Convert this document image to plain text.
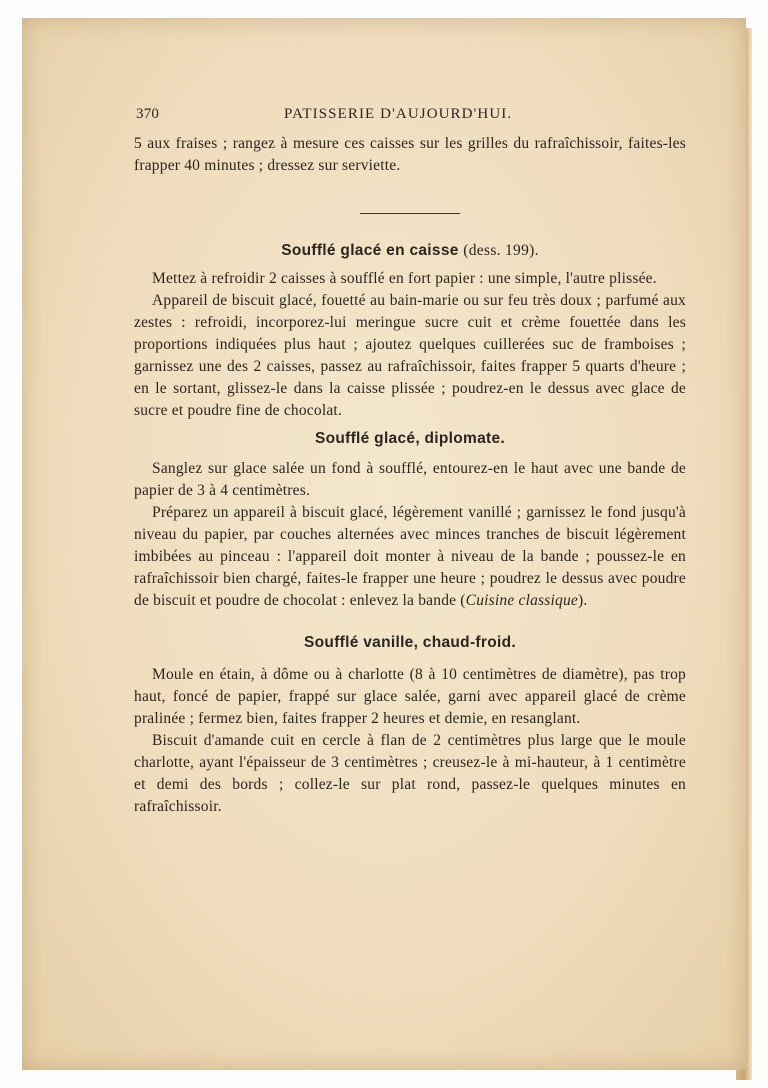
370	PATISSERIE D'AUJOURD'HUI.

5 aux fraises ; rangez à mesure ces caisses sur les grilles du rafraîchissoir, faites-les frapper 40 minutes ; dressez sur serviette.

Soufflé glacé en caisse (dess. 199).

Mettez à refroidir 2 caisses à soufflé en fort papier : une simple, l'autre plissée.

Appareil de biscuit glacé, fouetté au bain-marie ou sur feu très doux ; parfumé aux zestes : refroidi, incorporez-lui meringue sucre cuit et crème fouettée dans les proportions indiquées plus haut ; ajoutez quelques cuillerées suc de framboises ; garnissez une des 2 caisses, passez au rafraîchissoir, faites frapper 5 quarts d'heure ; en le sortant, glissez-le dans la caisse plissée ; poudrez-en le dessus avec glace de sucre et poudre fine de chocolat.

Soufflé glacé, diplomate.

Sanglez sur glace salée un fond à soufflé, entourez-en le haut avec une bande de papier de 3 à 4 centimètres.

Préparez un appareil à biscuit glacé, légèrement vanillé ; garnissez le fond jusqu'à niveau du papier, par couches alternées avec minces tranches de biscuit légèrement imbibées au pinceau : l'appareil doit monter à niveau de la bande ; poussez-le en rafraîchissoir bien chargé, faites-le frapper une heure ; poudrez le dessus avec poudre de biscuit et poudre de chocolat : enlevez la bande (Cuisine classique).

Soufflé vanille, chaud-froid.

Moule en étain, à dôme ou à charlotte (8 à 10 centimètres de diamètre), pas trop haut, foncé de papier, frappé sur glace salée, garni avec appareil glacé de crème pralinée ; fermez bien, faites frapper 2 heures et demie, en resanglant.

Biscuit d'amande cuit en cercle à flan de 2 centimètres plus large que le moule charlotte, ayant l'épaisseur de 3 centimètres ; creusez-le à mi-hauteur, à 1 centimètre et demi des bords ; collez-le sur plat rond, passez-le quelques minutes en rafraîchissoir.
